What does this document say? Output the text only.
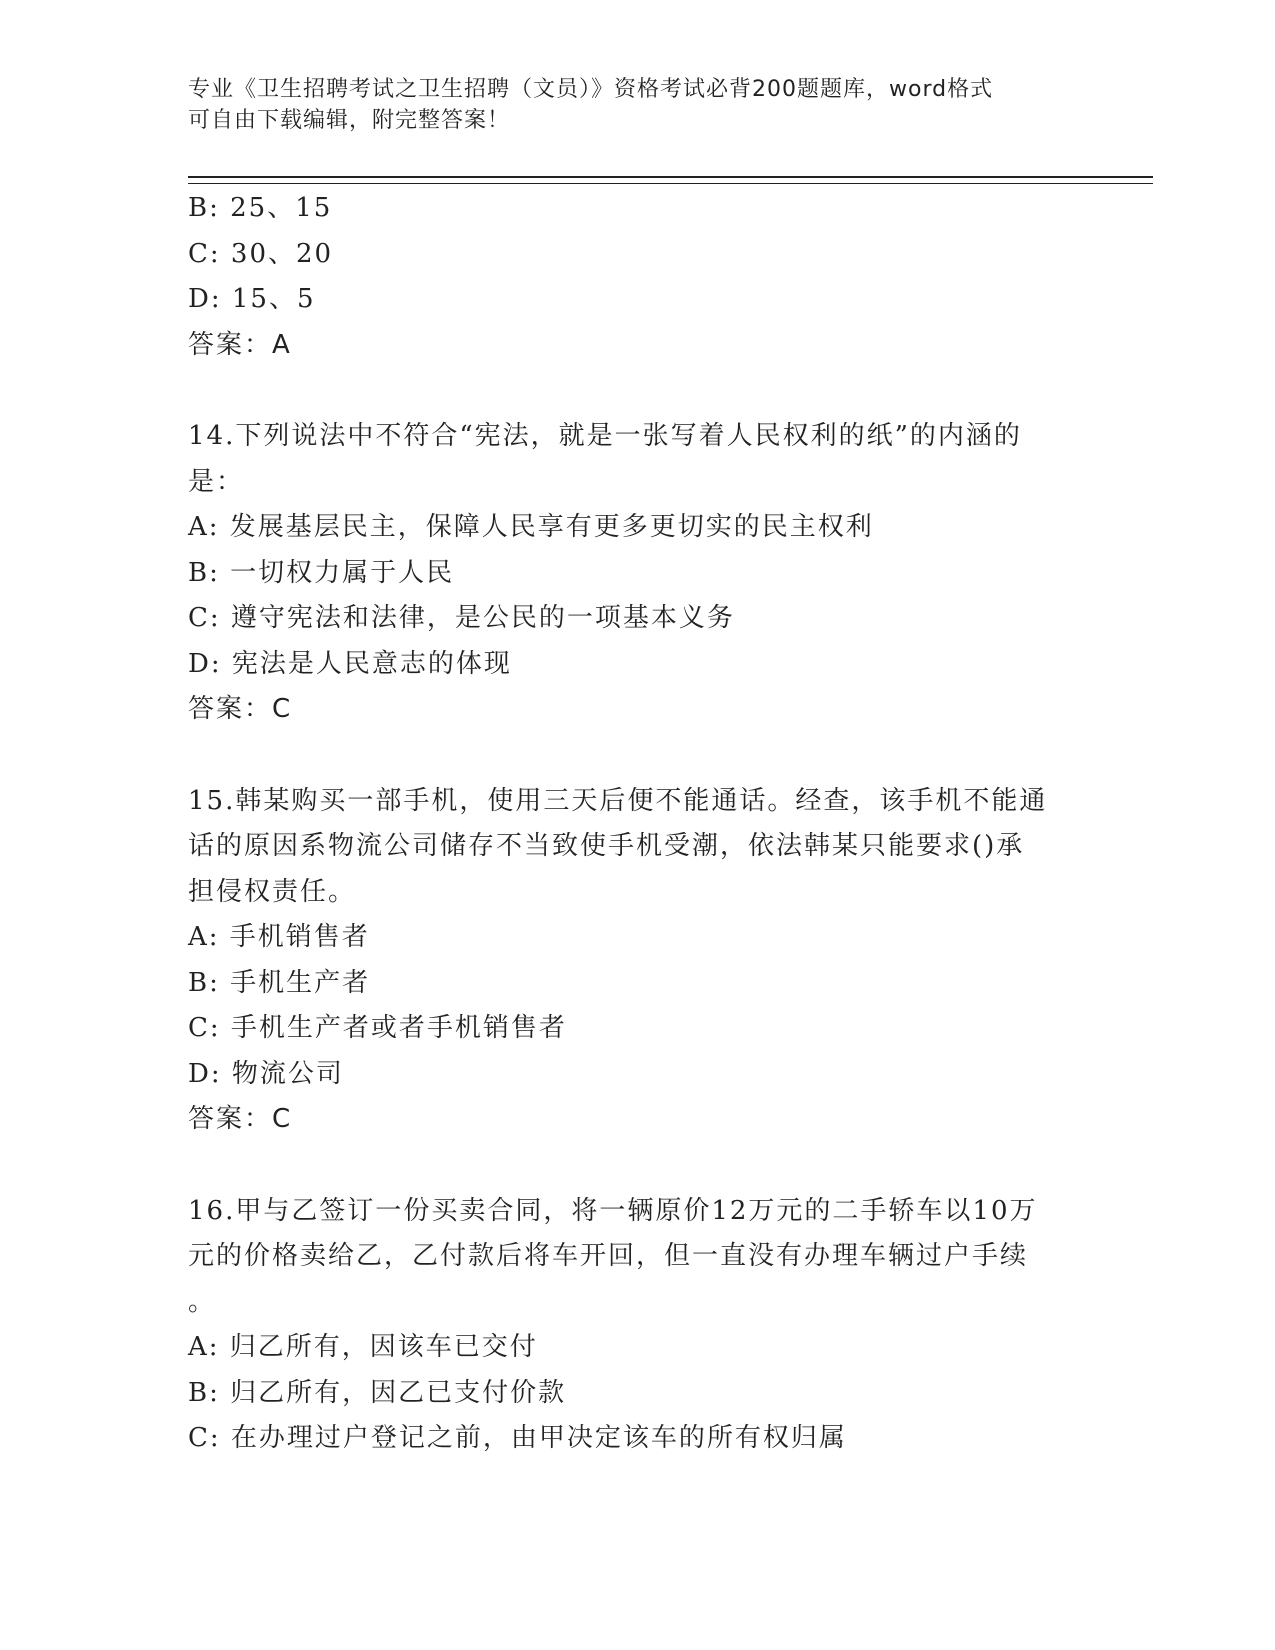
专业《卫生招聘考试之卫生招聘（文员）》资格考试必背200题题库，word格式
可自由下载编辑，附完整答案！
B: 25、15
C: 30、20
D: 15、5
答案：A
14.下列说法中不符合“宪法，就是一张写着人民权利的纸”的内涵的
是：
A: 发展基层民主，保障人民享有更多更切实的民主权利
B: 一切权力属于人民
C: 遵守宪法和法律，是公民的一项基本义务
D: 宪法是人民意志的体现
答案：C
15.韩某购买一部手机，使用三天后便不能通话。经查，该手机不能通
话的原因系物流公司储存不当致使手机受潮，依法韩某只能要求()承
担侵权责任。
A: 手机销售者
B: 手机生产者
C: 手机生产者或者手机销售者
D: 物流公司
答案：C
16.甲与乙签订一份买卖合同，将一辆原价12万元的二手轿车以10万
元的价格卖给乙，乙付款后将车开回，但一直没有办理车辆过户手续
。
A: 归乙所有，因该车已交付
B: 归乙所有，因乙已支付价款
C: 在办理过户登记之前，由甲决定该车的所有权归属
